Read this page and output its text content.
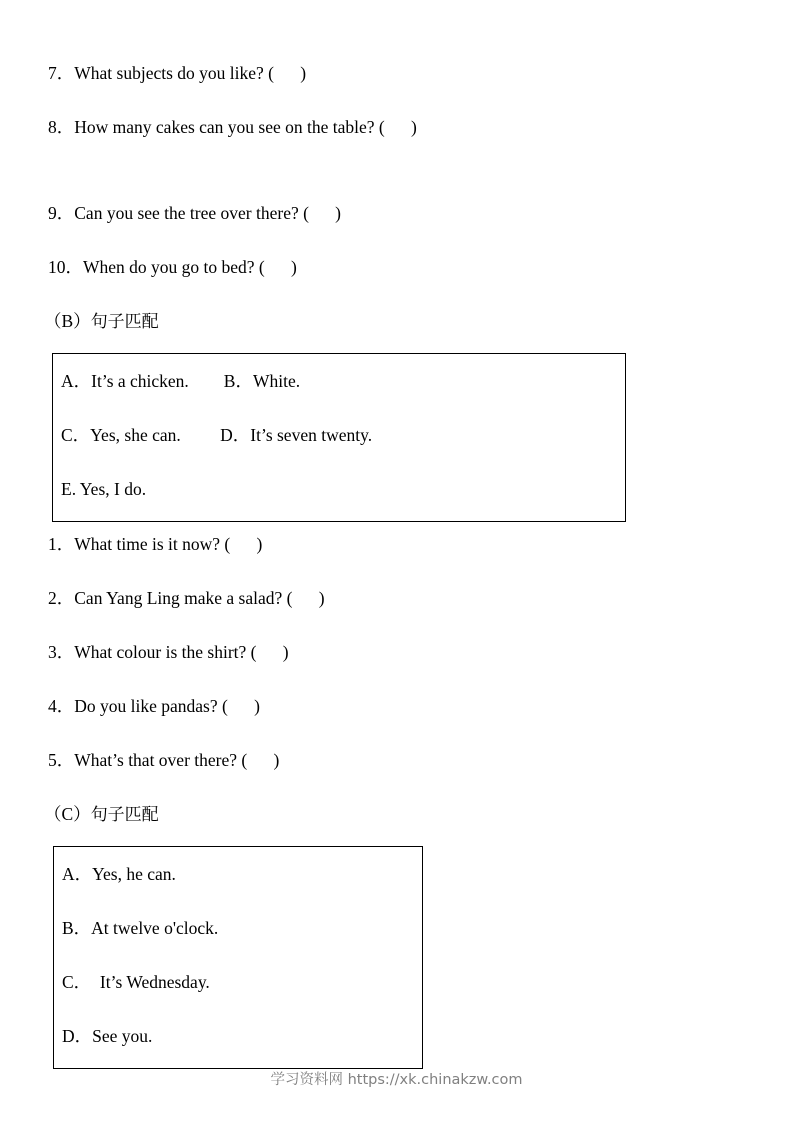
7．What subjects do you like? (      )
8．How many cakes can you see on the table? (      )
9．Can you see the tree over there? (      )
10．When do you go to bed? (      )
（B）句子匹配
A．It’s a chicken.        B．White.
C．Yes, she can.         D．It’s seven twenty.
E. Yes, I do.
1．What time is it now? (      )
2．Can Yang Ling make a salad? (      )
3．What colour is the shirt? (      )
4．Do you like pandas? (      )
5．What’s that over there? (      )
（C）句子匹配
A．Yes, he can.
B．At twelve o'clock.
C．  It’s Wednesday.
D．See you.
学习资料网 https://xk.chinakzw.com
